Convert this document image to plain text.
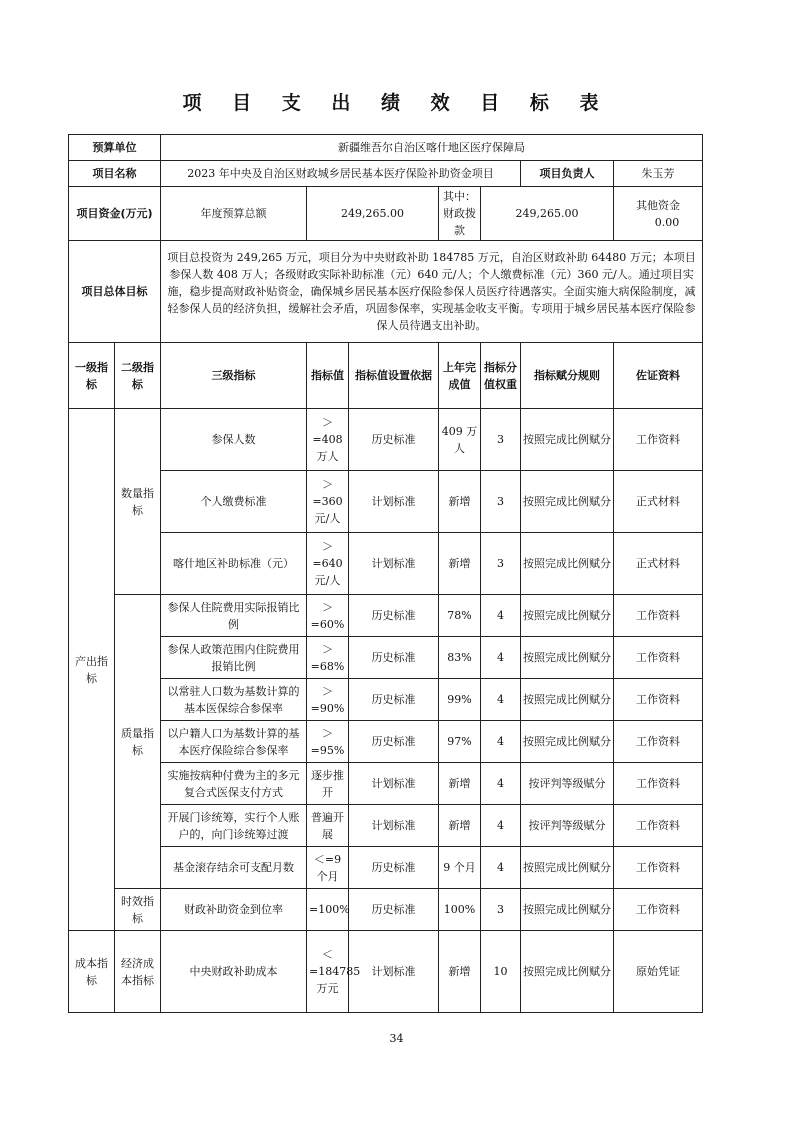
项 目 支 出 绩 效 目 标 表
预算单位		新疆维吾尔自治区喀什地区医疗保障局						
项目名称		2023 年中央及自治区财政城乡居民基本医疗保险补助资金项目					项目负责人	朱玉芳
项目资金(万元)		年度预算总额	249,265.00		其中：财政拨款	249,265.00		其他资金 0.00
项目总体目标		项目总投资为 249,265 万元，项目分为中央财政补助 184785 万元，自治区财政补助 64480 万元；本项目参保人数 408 万人；各级财政实际补助标准（元）640 元/人；个人缴费标准（元）360 元/人。通过项目实施，稳步提高财政补贴资金，确保城乡居民基本医疗保险参保人员医疗待遇落实。全面实施大病保险制度，减轻参保人员的经济负担，缓解社会矛盾，巩固参保率，实现基金收支平衡。专项用于城乡居民基本医疗保险参保人员待遇支出补助。						
一级指标	二级指标	三级指标	指标值	指标值设置依据	上年完成值	指标分值权重	指标赋分规则	佐证资料
产出指标	数量指标	参保人数	＞=408 万人	历史标准	409 万人	3	按照完成比例赋分	工作资料
		个人缴费标准	＞=360 元/人	计划标准	新增	3	按照完成比例赋分	正式材料
		喀什地区补助标准（元）	＞=640 元/人	计划标准	新增	3	按照完成比例赋分	正式材料
	质量指标	参保人住院费用实际报销比例	＞=60%	历史标准	78%	4	按照完成比例赋分	工作资料
		参保人政策范围内住院费用报销比例	＞=68%	历史标准	83%	4	按照完成比例赋分	工作资料
		以常驻人口数为基数计算的基本医保综合参保率	＞=90%	历史标准	99%	4	按照完成比例赋分	工作资料
		以户籍人口为基数计算的基本医疗保险综合参保率	＞=95%	历史标准	97%	4	按照完成比例赋分	工作资料
		实施按病种付费为主的多元复合式医保支付方式	逐步推开	计划标准	新增	4	按评判等级赋分	工作资料
		开展门诊统筹，实行个人账户的，向门诊统筹过渡	普遍开展	计划标准	新增	4	按评判等级赋分	工作资料
		基金滚存结余可支配月数	＜=9 个月	历史标准	9 个月	4	按照完成比例赋分	工作资料
	时效指标	财政补助资金到位率	=100%	历史标准	100%	3	按照完成比例赋分	工作资料
成本指标	经济成本指标	中央财政补助成本	＜=184785 万元	计划标准	新增	10	按照完成比例赋分	原始凭证
34
